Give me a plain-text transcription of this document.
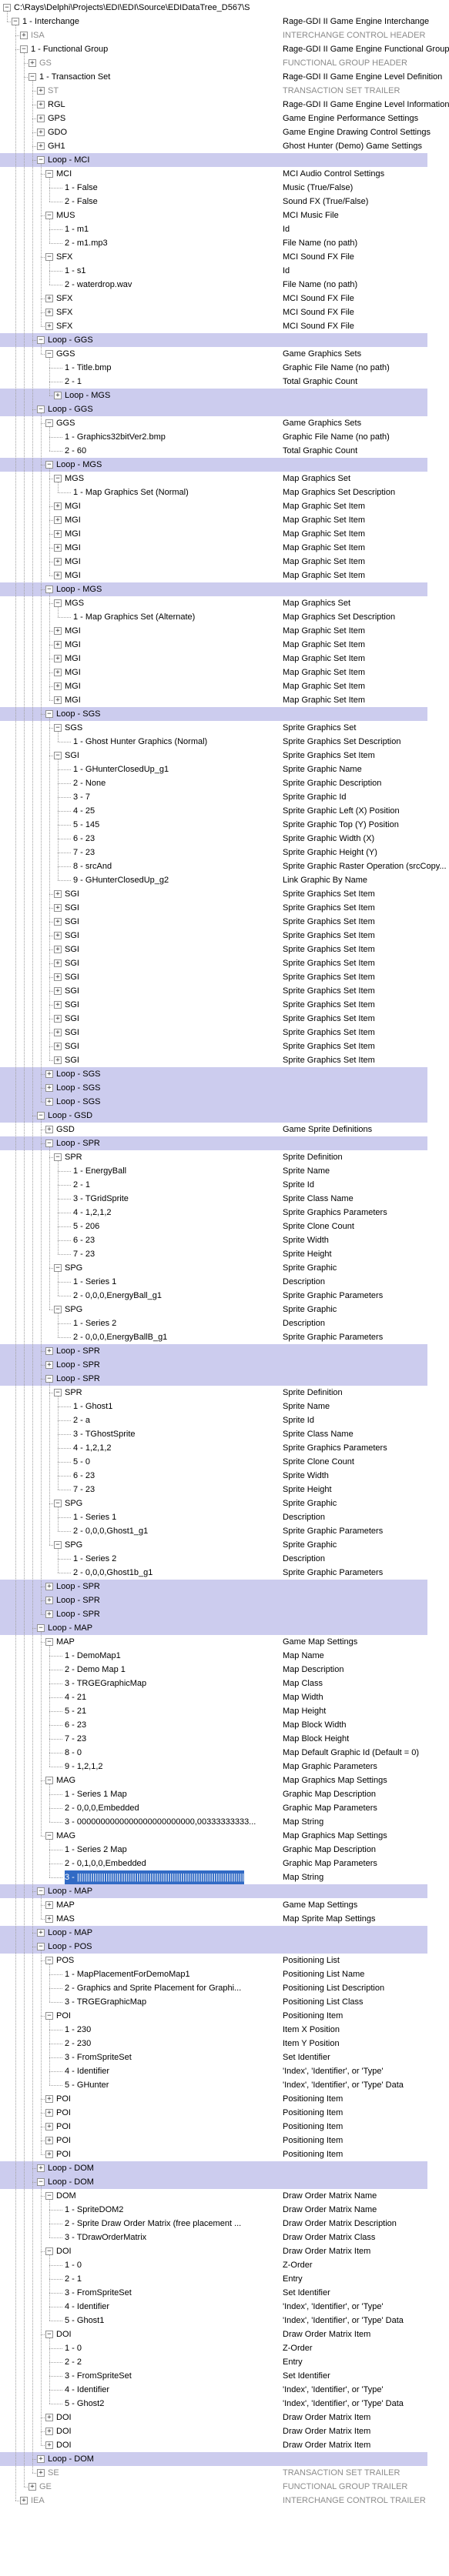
− C:\Rays\Delphi\Projects\EDI\EDI\Source\EDIDataTree_D567\S
− 1 - Interchange	Rage-GDI II Game Engine Interchange
+ ISA	INTERCHANGE CONTROL HEADER
− 1 - Functional Group	Rage-GDI II Game Engine Functional Group
+ GS	FUNCTIONAL GROUP HEADER
− 1 - Transaction Set	Rage-GDI II Game Engine Level Definition
+ ST	TRANSACTION SET TRAILER
+ RGL	Rage-GDI II Game Engine Level Information
+ GPS	Game Engine Performance Settings
+ GDO	Game Engine Drawing Control Settings
+ GH1	Ghost Hunter (Demo) Game Settings
− Loop - MCI
− MCI	MCI Audio Control Settings
1 - False	Music (True/False)
2 - False	Sound FX (True/False)
− MUS	MCI Music File
1 - m1	Id
2 - m1.mp3	File Name (no path)
− SFX	MCI Sound FX File
1 - s1	Id
2 - waterdrop.wav	File Name (no path)
+ SFX	MCI Sound FX File
+ SFX	MCI Sound FX File
+ SFX	MCI Sound FX File
− Loop - GGS
− GGS	Game Graphics Sets
1 - Title.bmp	Graphic File Name (no path)
2 - 1	Total Graphic Count
+ Loop - MGS
− Loop - GGS
− GGS	Game Graphics Sets
1 - Graphics32bitVer2.bmp	Graphic File Name (no path)
2 - 60	Total Graphic Count
− Loop - MGS
− MGS	Map Graphics Set
1 - Map Graphics Set (Normal)	Map Graphics Set Description
+ MGI	Map Graphic Set Item
+ MGI	Map Graphic Set Item
+ MGI	Map Graphic Set Item
+ MGI	Map Graphic Set Item
+ MGI	Map Graphic Set Item
+ MGI	Map Graphic Set Item
− Loop - MGS
− MGS	Map Graphics Set
1 - Map Graphics Set (Alternate)	Map Graphics Set Description
+ MGI	Map Graphic Set Item
+ MGI	Map Graphic Set Item
+ MGI	Map Graphic Set Item
+ MGI	Map Graphic Set Item
+ MGI	Map Graphic Set Item
+ MGI	Map Graphic Set Item
− Loop - SGS
− SGS	Sprite Graphics Set
1 - Ghost Hunter Graphics (Normal)	Sprite Graphics Set Description
− SGI	Sprite Graphics Set Item
1 - GHunterClosedUp_g1	Sprite Graphic Name
2 - None	Sprite Graphic Description
3 - 7	Sprite Graphic Id
4 - 25	Sprite Graphic Left (X) Position
5 - 145	Sprite Graphic Top (Y) Position
6 - 23	Sprite Graphic Width (X)
7 - 23	Sprite Graphic Height (Y)
8 - srcAnd	Sprite Graphic Raster Operation (srcCopy...
9 - GHunterClosedUp_g2	Link Graphic By Name
+ SGI	Sprite Graphics Set Item
+ SGI	Sprite Graphics Set Item
+ SGI	Sprite Graphics Set Item
+ SGI	Sprite Graphics Set Item
+ SGI	Sprite Graphics Set Item
+ SGI	Sprite Graphics Set Item
+ SGI	Sprite Graphics Set Item
+ SGI	Sprite Graphics Set Item
+ SGI	Sprite Graphics Set Item
+ SGI	Sprite Graphics Set Item
+ SGI	Sprite Graphics Set Item
+ SGI	Sprite Graphics Set Item
+ SGI	Sprite Graphics Set Item
+ Loop - SGS
+ Loop - SGS
+ Loop - SGS
− Loop - GSD
+ GSD	Game Sprite Definitions
− Loop - SPR
− SPR	Sprite Definition
1 - EnergyBall	Sprite Name
2 - 1	Sprite Id
3 - TGridSprite	Sprite Class Name
4 - 1,2,1,2	Sprite Graphics Parameters
5 - 206	Sprite Clone Count
6 - 23	Sprite Width
7 - 23	Sprite Height
− SPG	Sprite Graphic
1 - Series 1	Description
2 - 0,0,0,EnergyBall_g1	Sprite Graphic Parameters
− SPG	Sprite Graphic
1 - Series 2	Description
2 - 0,0,0,EnergyBallB_g1	Sprite Graphic Parameters
+ Loop - SPR
+ Loop - SPR
− Loop - SPR
− SPR	Sprite Definition
1 - Ghost1	Sprite Name
2 - a	Sprite Id
3 - TGhostSprite	Sprite Class Name
4 - 1,2,1,2	Sprite Graphics Parameters
5 - 0	Sprite Clone Count
6 - 23	Sprite Width
7 - 23	Sprite Height
− SPG	Sprite Graphic
1 - Series 1	Description
2 - 0,0,0,Ghost1_g1	Sprite Graphic Parameters
− SPG	Sprite Graphic
1 - Series 2	Description
2 - 0,0,0,Ghost1b_g1	Sprite Graphic Parameters
+ Loop - SPR
+ Loop - SPR
+ Loop - SPR
− Loop - MAP
− MAP	Game Map Settings
1 - DemoMap1	Map Name
2 - Demo Map 1	Map Description
3 - TRGEGraphicMap	Map Class
4 - 21	Map Width
5 - 21	Map Height
6 - 23	Map Block Width
7 - 23	Map Block Height
8 - 0	Map Default Graphic Id (Default = 0)
9 - 1,2,1,2	Map Graphic Parameters
− MAG	Map Graphics Map Settings
1 - Series 1 Map	Graphic Map Description
2 - 0,0,0,Embedded	Graphic Map Parameters
3 - 0000000000000000000000000,00333333333...	Map String
− MAG	Map Graphics Map Settings
1 - Series 2 Map	Graphic Map Description
2 - 0,1,0,0,Embedded	Graphic Map Parameters
3 - ||||||||||||||||||||||||||||||||||||||||||||||||||||||||||||||||||||||||||||	Map String
− Loop - MAP
+ MAP	Game Map Settings
+ MAS	Map Sprite Map Settings
+ Loop - MAP
− Loop - POS
− POS	Positioning List
1 - MapPlacementForDemoMap1	Positioning List Name
2 - Graphics and Sprite Placement for Graphi...	Positioning List Description
3 - TRGEGraphicMap	Positioning List Class
− POI	Positioning Item
1 - 230	Item X Position
2 - 230	Item Y Position
3 - FromSpriteSet	Set Identifier
4 - Identifier	'Index', 'Identifier', or 'Type'
5 - GHunter	'Index', 'Identifier', or 'Type' Data
+ POI	Positioning Item
+ POI	Positioning Item
+ POI	Positioning Item
+ POI	Positioning Item
+ POI	Positioning Item
+ Loop - DOM
− Loop - DOM
− DOM	Draw Order Matrix Name
1 - SpriteDOM2	Draw Order Matrix Name
2 - Sprite Draw Order Matrix (free placement ...	Draw Order Matrix Description
3 - TDrawOrderMatrix	Draw Order Matrix Class
− DOI	Draw Order Matrix Item
1 - 0	Z-Order
2 - 1	Entry
3 - FromSpriteSet	Set Identifier
4 - Identifier	'Index', 'Identifier', or 'Type'
5 - Ghost1	'Index', 'Identifier', or 'Type' Data
− DOI	Draw Order Matrix Item
1 - 0	Z-Order
2 - 2	Entry
3 - FromSpriteSet	Set Identifier
4 - Identifier	'Index', 'Identifier', or 'Type'
5 - Ghost2	'Index', 'Identifier', or 'Type' Data
+ DOI	Draw Order Matrix Item
+ DOI	Draw Order Matrix Item
+ DOI	Draw Order Matrix Item
+ Loop - DOM
+ SE	TRANSACTION SET TRAILER
+ GE	FUNCTIONAL GROUP TRAILER
+ IEA	INTERCHANGE CONTROL TRAILER
